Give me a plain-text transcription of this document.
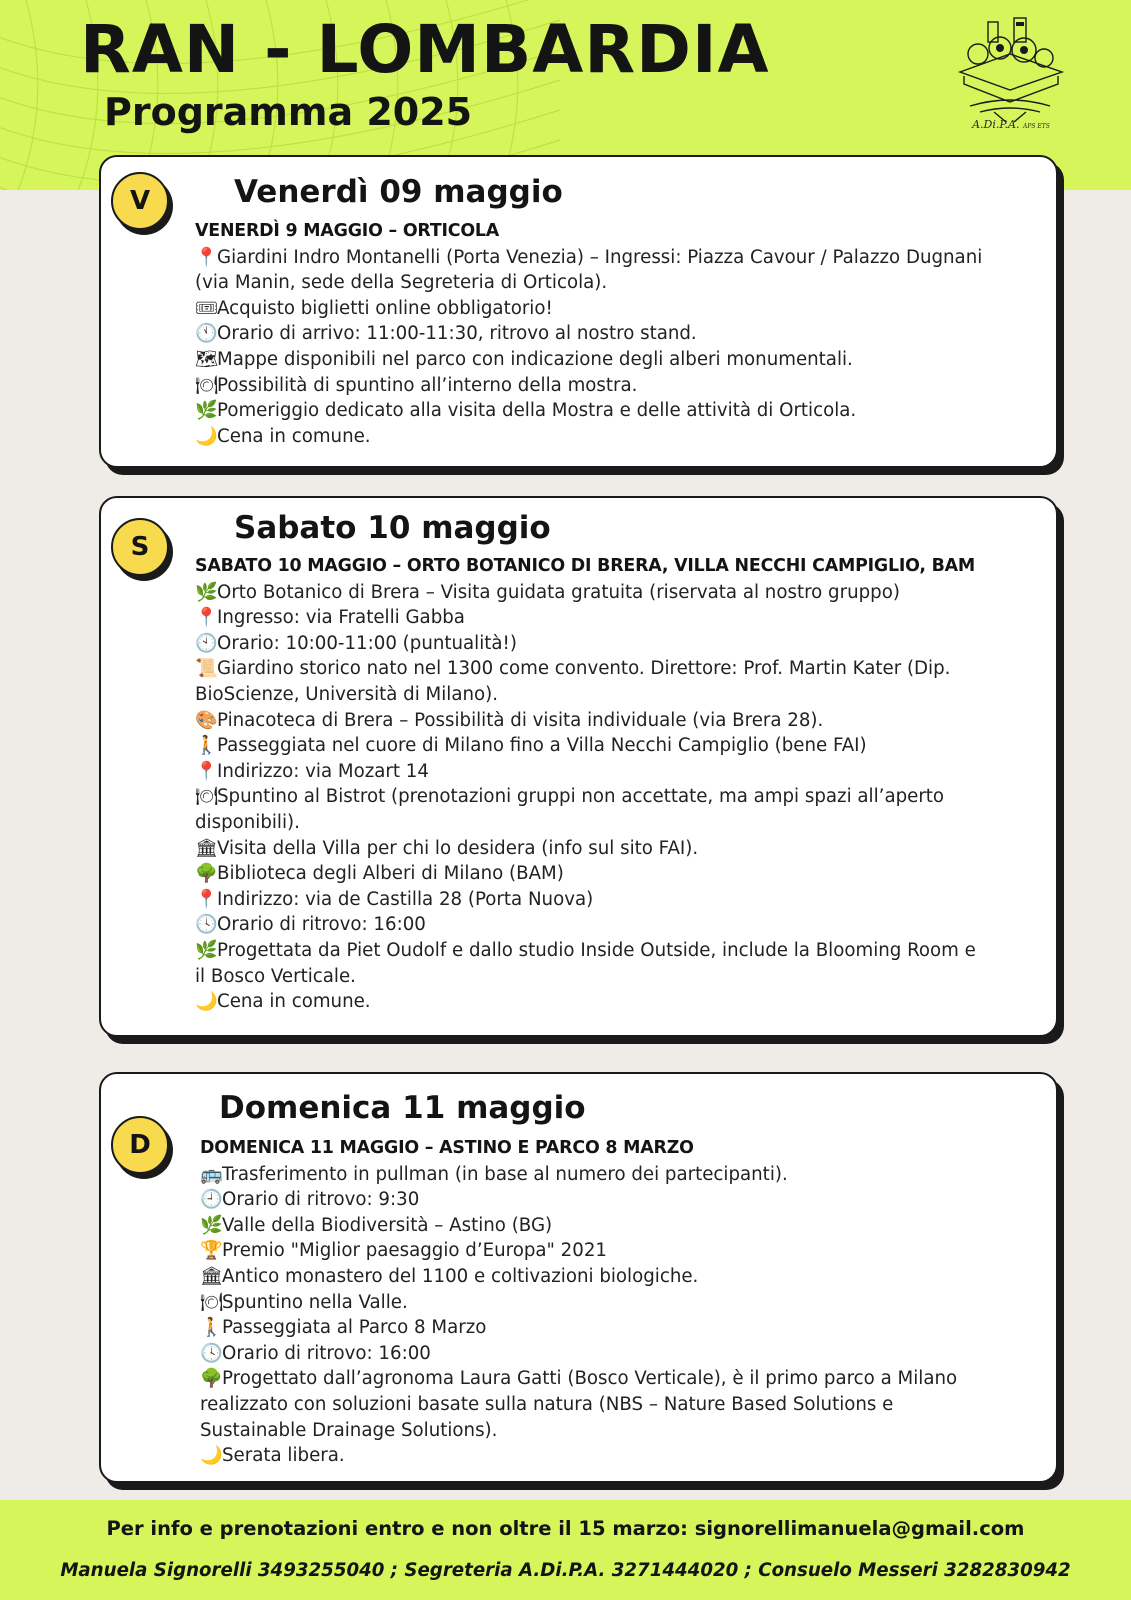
RAN - LOMBARDIA
Programma 2025	A.Di.P.A. APS ETS
V	Venerdì 09 maggio
VENERDÌ 9 MAGGIO – ORTICOLA
📍Giardini Indro Montanelli (Porta Venezia) – Ingressi: Piazza Cavour / Palazzo Dugnani
(via Manin, sede della Segreteria di Orticola).
🎟Acquisto biglietti online obbligatorio!
🕚Orario di arrivo: 11:00-11:30, ritrovo al nostro stand.
🗺Mappe disponibili nel parco con indicazione degli alberi monumentali.
🍽Possibilità di spuntino all’interno della mostra.
🌿Pomeriggio dedicato alla visita della Mostra e delle attività di Orticola.
🌙Cena in comune.
S
Sabato 10 maggio
SABATO 10 MAGGIO – ORTO BOTANICO DI BRERA, VILLA NECCHI CAMPIGLIO, BAM
🌿Orto Botanico di Brera – Visita guidata gratuita (riservata al nostro gruppo)
📍Ingresso: via Fratelli Gabba
🕙Orario: 10:00-11:00 (puntualità!)
📜Giardino storico nato nel 1300 come convento. Direttore: Prof. Martin Kater (Dip.
BioScienze, Università di Milano).
🎨Pinacoteca di Brera – Possibilità di visita individuale (via Brera 28).
🚶Passeggiata nel cuore di Milano fino a Villa Necchi Campiglio (bene FAI)
📍Indirizzo: via Mozart 14
🍽Spuntino al Bistrot (prenotazioni gruppi non accettate, ma ampi spazi all’aperto
disponibili).
🏛Visita della Villa per chi lo desidera (info sul sito FAI).
🌳Biblioteca degli Alberi di Milano (BAM)
📍Indirizzo: via de Castilla 28 (Porta Nuova)
🕓Orario di ritrovo: 16:00
🌿Progettata da Piet Oudolf e dallo studio Inside Outside, include la Blooming Room e
il Bosco Verticale.
🌙Cena in comune.
D
Domenica 11 maggio
DOMENICA 11 MAGGIO – ASTINO E PARCO 8 MARZO
🚌Trasferimento in pullman (in base al numero dei partecipanti).
🕘Orario di ritrovo: 9:30
🌿Valle della Biodiversità – Astino (BG)
🏆Premio "Miglior paesaggio d’Europa" 2021
🏛Antico monastero del 1100 e coltivazioni biologiche.
🍽Spuntino nella Valle.
🚶Passeggiata al Parco 8 Marzo
🕓Orario di ritrovo: 16:00
🌳Progettato dall’agronoma Laura Gatti (Bosco Verticale), è il primo parco a Milano
realizzato con soluzioni basate sulla natura (NBS – Nature Based Solutions e
Sustainable Drainage Solutions).
🌙Serata libera.
Per info e prenotazioni entro e non oltre il 15 marzo: signorellimanuela@gmail.com
Manuela Signorelli 3493255040 ; Segreteria A.Di.P.A. 3271444020 ; Consuelo Messeri 3282830942
